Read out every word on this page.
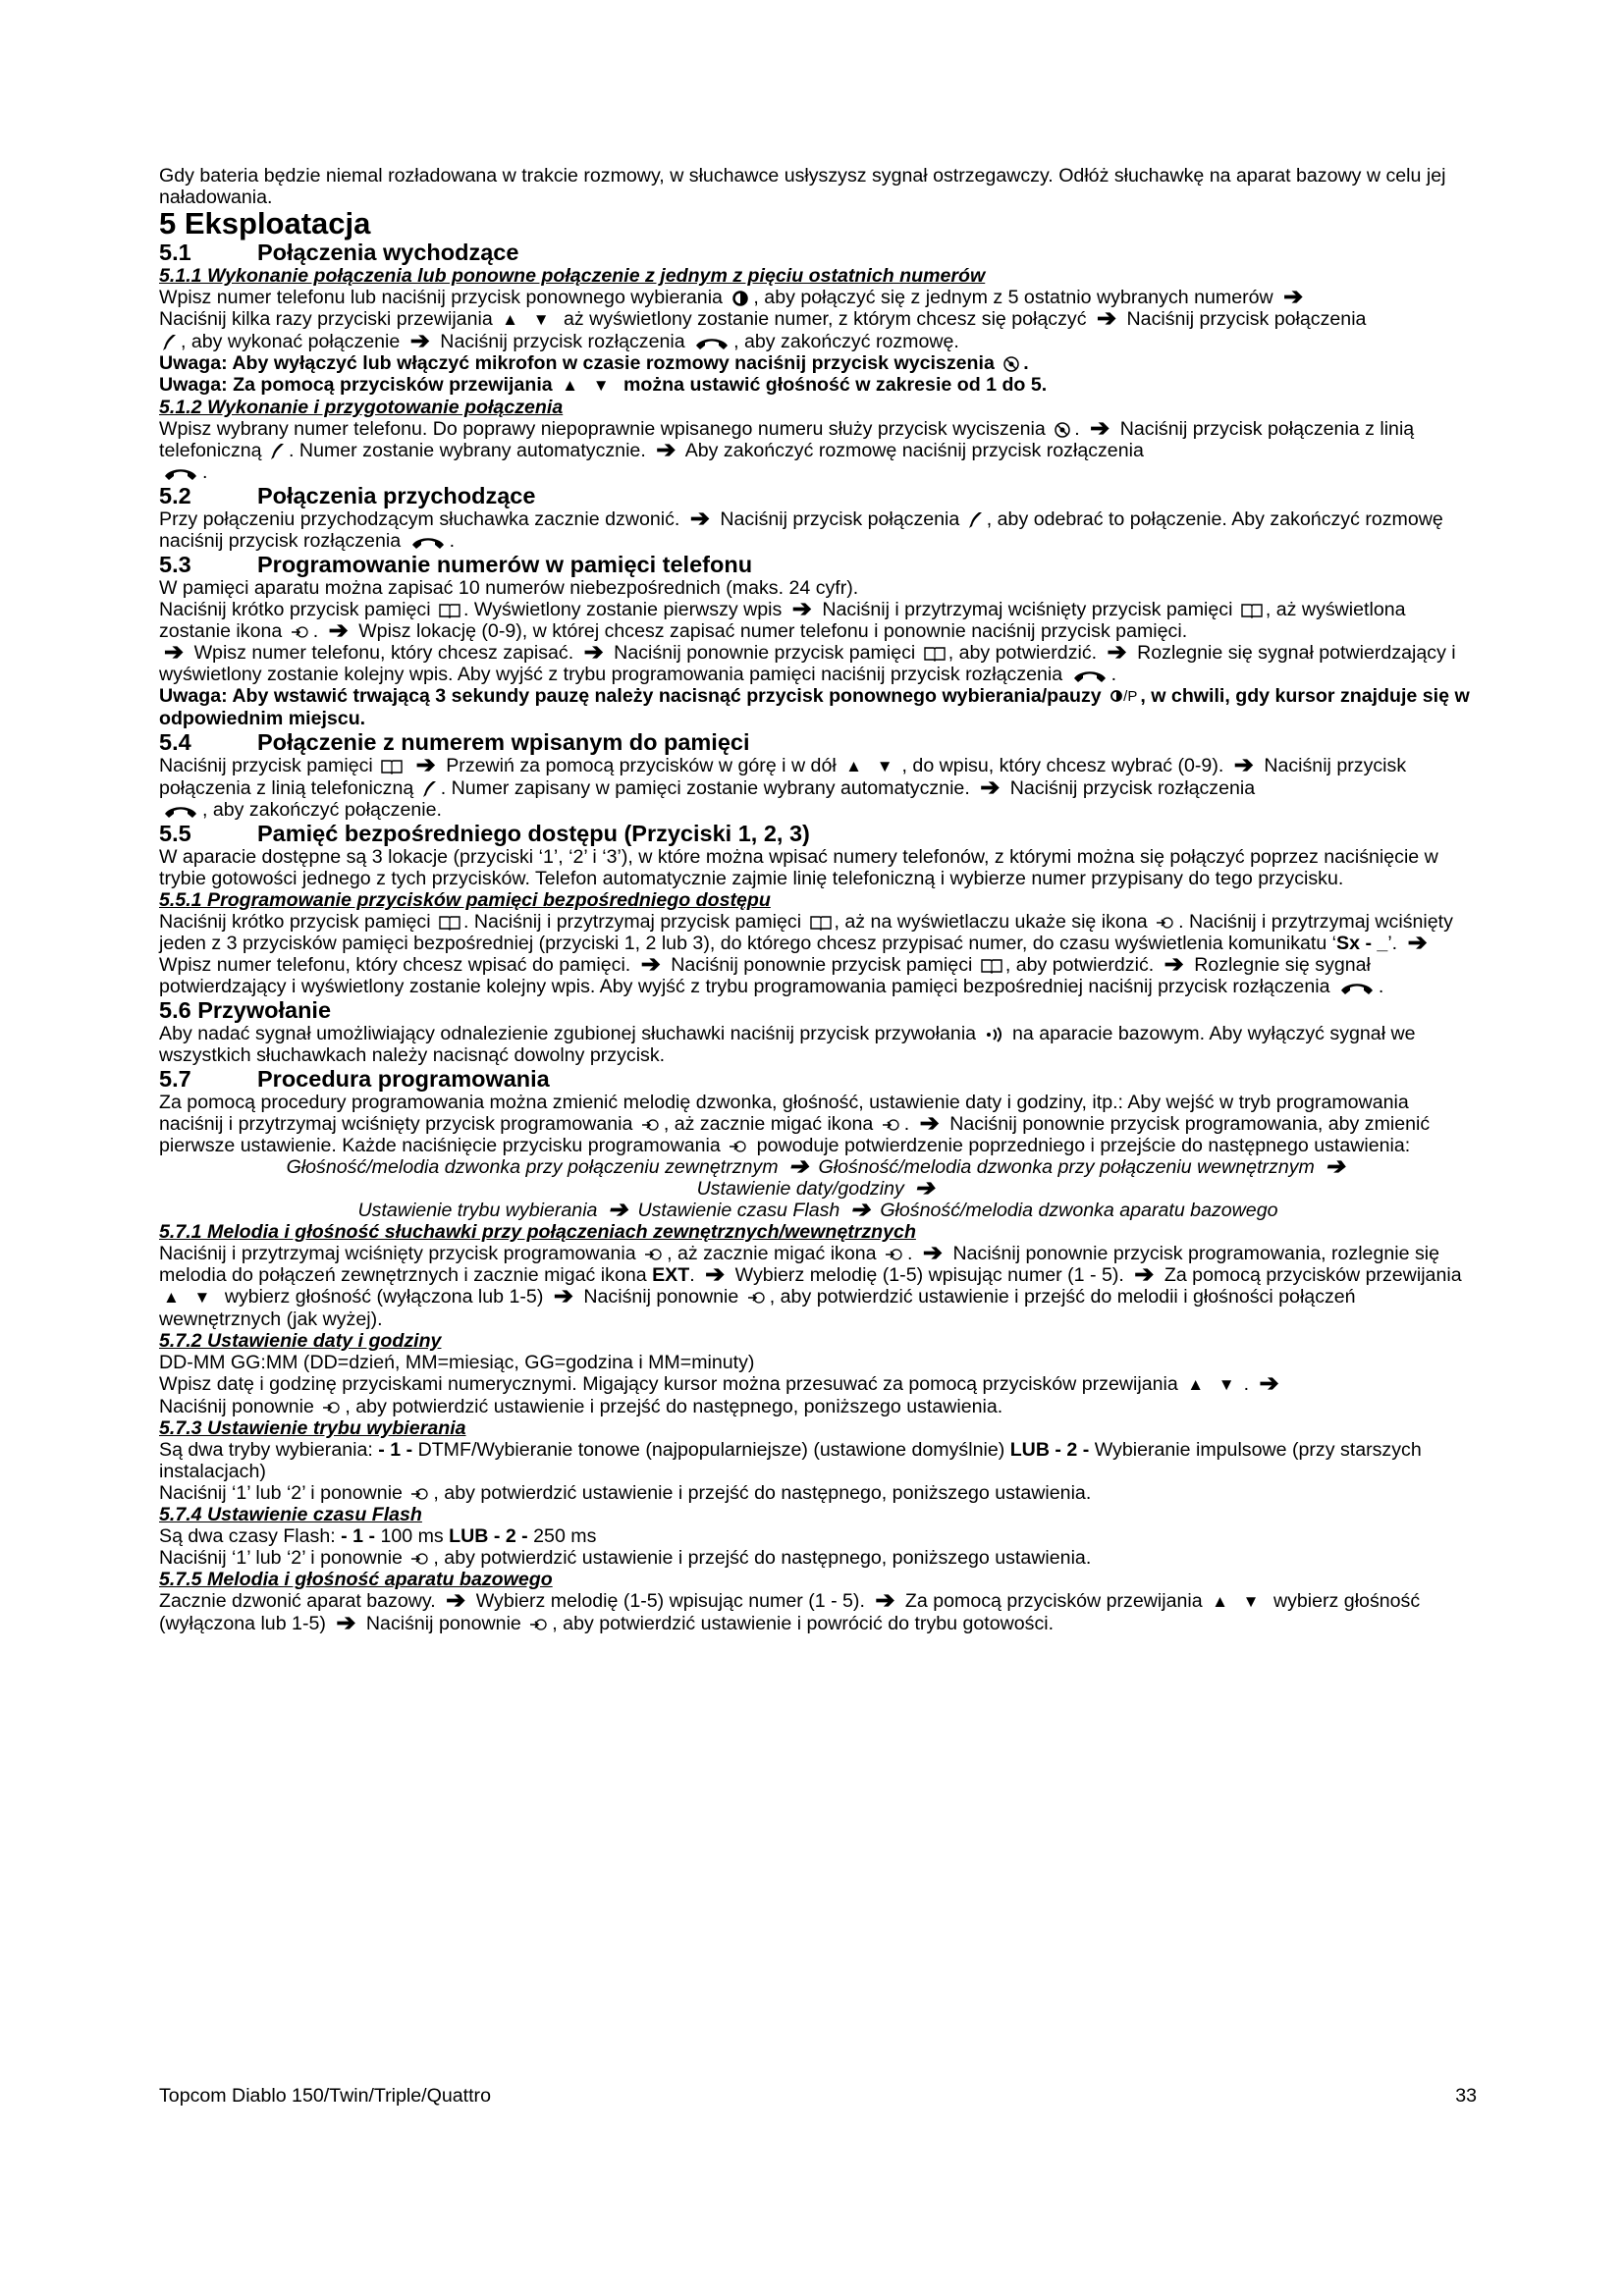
Gdy bateria będzie niemal rozładowana w trakcie rozmowy, w słuchawce usłyszysz sygnał ostrzegawczy. Odłóż słuchawkę na aparat bazowy w celu jej naładowania.

5 Eksploatacja
5.1	Połączenia wychodzące
5.1.1 Wykonanie połączenia lub ponowne połączenie z jednym z pięciu ostatnich numerów

Wpisz numer telefonu lub naciśnij przycisk ponownego wybierania , aby połączyć się z jednym z 5 ostatnio wybranych numerów ➔
Naciśnij kilka razy przyciski przewijania ▲ ▼ aż wyświetlony zostanie numer, z którym chcesz się połączyć ➔ Naciśnij przycisk połączenia
, aby wykonać połączenie ➔ Naciśnij przycisk rozłączenia	, aby zakończyć rozmowę.
Uwaga: Aby wyłączyć lub włączyć mikrofon w czasie rozmowy naciśnij przycisk wyciszenia .
Uwaga: Za pomocą przycisków przewijania ▲ ▼ można ustawić głośność w zakresie od 1 do 5.

5.1.2 Wykonanie i przygotowanie połączenia

Wpisz wybrany numer telefonu. Do poprawy niepoprawnie wpisanego numeru służy przycisk wyciszenia . ➔ Naciśnij przycisk połączenia z linią telefoniczną . Numer zostanie wybrany automatycznie. ➔ Aby zakończyć rozmowę naciśnij przycisk rozłączenia
.

5.2	Połączenia przychodzące

Przy połączeniu przychodzącym słuchawka zacznie dzwonić. ➔ Naciśnij przycisk połączenia , aby odebrać to połączenie. Aby zakończyć rozmowę naciśnij przycisk rozłączenia	.

5.3	Programowanie numerów w pamięci telefonu

W pamięci aparatu można zapisać 10 numerów niebezpośrednich (maks. 24 cyfr).
Naciśnij krótko przycisk pamięci . Wyświetlony zostanie pierwszy wpis ➔ Naciśnij i przytrzymaj wciśnięty przycisk pamięci , aż wyświetlona zostanie ikona . ➔ Wpisz lokację (0-9), w której chcesz zapisać numer telefonu i ponownie naciśnij przycisk pamięci.
➔ Wpisz numer telefonu, który chcesz zapisać. ➔ Naciśnij ponownie przycisk pamięci , aby potwierdzić. ➔ Rozlegnie się sygnał potwierdzający i wyświetlony zostanie kolejny wpis. Aby wyjść z trybu programowania pamięci naciśnij przycisk rozłączenia	.
Uwaga: Aby wstawić trwającą 3 sekundy pauzę należy nacisnąć przycisk ponownego wybierania/pauzy /P , w chwili, gdy kursor znajduje się w odpowiednim miejscu.

5.4	Połączenie z numerem wpisanym do pamięci

Naciśnij przycisk pamięci ➔ Przewiń za pomocą przycisków w górę i w dół ▲ ▼ , do wpisu, który chcesz wybrać (0-9). ➔ Naciśnij przycisk połączenia z linią telefoniczną . Numer zapisany w pamięci zostanie wybrany automatycznie. ➔ Naciśnij przycisk rozłączenia
, aby zakończyć połączenie.

5.5	Pamięć bezpośredniego dostępu (Przyciski 1, 2, 3)

W aparacie dostępne są 3 lokacje (przyciski ‘1’, ‘2’ i ‘3’), w które można wpisać numery telefonów, z którymi można się połączyć poprzez naciśnięcie w trybie gotowości jednego z tych przycisków. Telefon automatycznie zajmie linię telefoniczną i wybierze numer przypisany do tego przycisku.

5.5.1 Programowanie przycisków pamięci bezpośredniego dostępu

Naciśnij krótko przycisk pamięci . Naciśnij i przytrzymaj przycisk pamięci , aż na wyświetlaczu ukaże się ikona . Naciśnij i przytrzymaj wciśnięty jeden z 3 przycisków pamięci bezpośredniej (przyciski 1, 2 lub 3), do którego chcesz przypisać numer, do czasu wyświetlenia komunikatu ‘Sx - _’. ➔ Wpisz numer telefonu, który chcesz wpisać do pamięci. ➔ Naciśnij ponownie przycisk pamięci , aby potwierdzić. ➔ Rozlegnie się sygnał potwierdzający i wyświetlony zostanie kolejny wpis. Aby wyjść z trybu programowania pamięci bezpośredniej naciśnij przycisk rozłączenia	.

5.6 Przywołanie

Aby nadać sygnał umożliwiający odnalezienie zgubionej słuchawki naciśnij przycisk przywołania na aparacie bazowym. Aby wyłączyć sygnał we wszystkich słuchawkach należy nacisnąć dowolny przycisk.

5.7	Procedura programowania

Za pomocą procedury programowania można zmienić melodię dzwonka, głośność, ustawienie daty i godziny, itp.: Aby wejść w tryb programowania naciśnij i przytrzymaj wciśnięty przycisk programowania , aż zacznie migać ikona . ➔ Naciśnij ponownie przycisk programowania, aby zmienić pierwsze ustawienie. Każde naciśnięcie przycisku programowania powoduje potwierdzenie poprzedniego i przejście do następnego ustawienia:

Głośność/melodia dzwonka przy połączeniu zewnętrznym ➔ Głośność/melodia dzwonka przy połączeniu wewnętrznym ➔

Ustawienie daty/godziny ➔

Ustawienie trybu wybierania ➔ Ustawienie czasu Flash ➔ Głośność/melodia dzwonka aparatu bazowego

5.7.1 Melodia i głośność słuchawki przy połączeniach zewnętrznych/wewnętrznych

Naciśnij i przytrzymaj wciśnięty przycisk programowania , aż zacznie migać ikona . ➔ Naciśnij ponownie przycisk programowania, rozlegnie się melodia do połączeń zewnętrznych i zacznie migać ikona EXT. ➔ Wybierz melodię (1-5) wpisując numer (1 - 5). ➔ Za pomocą przycisków przewijania ▲ ▼ wybierz głośność (wyłączona lub 1-5) ➔ Naciśnij ponownie , aby potwierdzić ustawienie i przejść do melodii i głośności połączeń wewnętrznych (jak wyżej).

5.7.2 Ustawienie daty i godziny

DD-MM GG:MM (DD=dzień, MM=miesiąc, GG=godzina i MM=minuty)
Wpisz datę i godzinę przyciskami numerycznymi. Migający kursor można przesuwać za pomocą przycisków przewijania ▲ ▼ . ➔
Naciśnij ponownie , aby potwierdzić ustawienie i przejść do następnego, poniższego ustawienia.

5.7.3 Ustawienie trybu wybierania

Są dwa tryby wybierania: - 1 - DTMF/Wybieranie tonowe (najpopularniejsze) (ustawione domyślnie) LUB - 2 - Wybieranie impulsowe (przy starszych instalacjach)
Naciśnij ‘1’ lub ‘2’ i ponownie , aby potwierdzić ustawienie i przejść do następnego, poniższego ustawienia.

5.7.4 Ustawienie czasu Flash

Są dwa czasy Flash: - 1 - 100 ms LUB - 2 - 250 ms
Naciśnij ‘1’ lub ‘2’ i ponownie , aby potwierdzić ustawienie i przejść do następnego, poniższego ustawienia.

5.7.5 Melodia i głośność aparatu bazowego

Zacznie dzwonić aparat bazowy. ➔ Wybierz melodię (1-5) wpisując numer (1 - 5). ➔ Za pomocą przycisków przewijania ▲ ▼ wybierz głośność (wyłączona lub 1-5) ➔ Naciśnij ponownie , aby potwierdzić ustawienie i powrócić do trybu gotowości.

Topcom Diablo 150/Twin/Triple/Quattro	33
